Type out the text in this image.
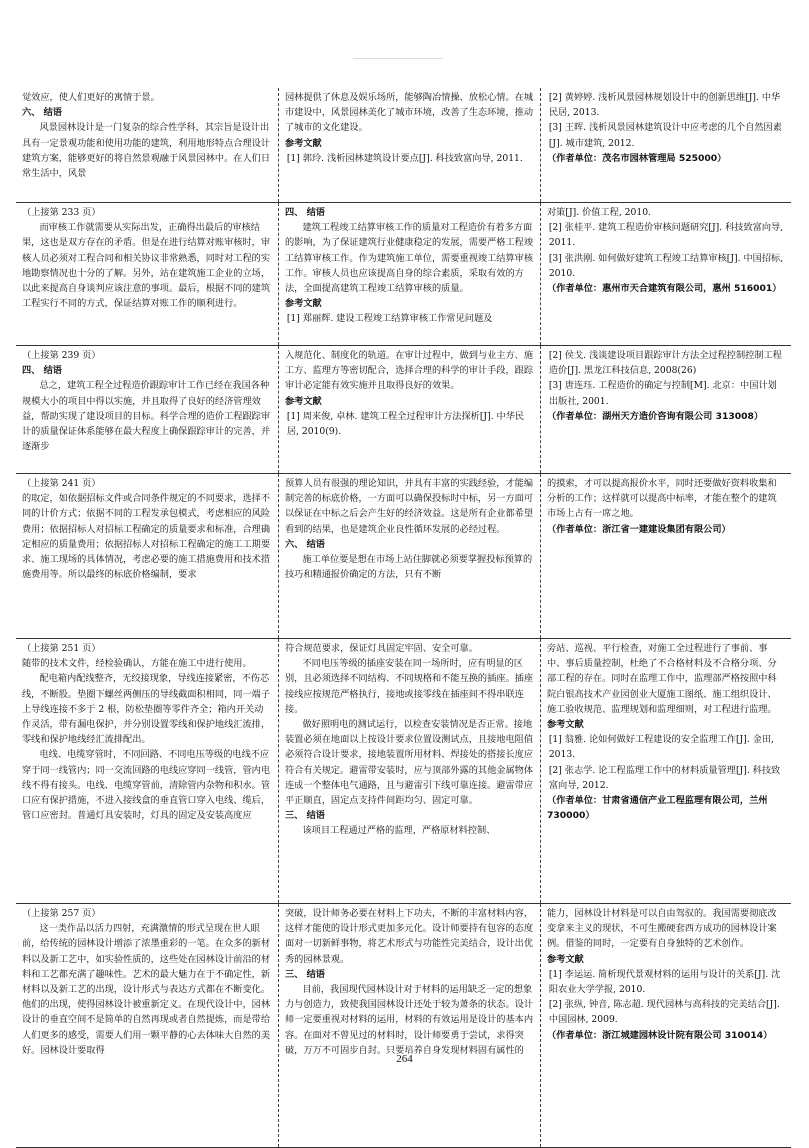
觉效应，使人们更好的寓情于景。
六、 结语
风景园林设计是一门复杂的综合性学科，其宗旨是设计出具有一定景观功能和使用功能的建筑，利用地形特点合理设计建筑方案，能够更好的将自然景观融于风景园林中。在人们日常生活中，风景
园林提供了休息及娱乐场所，能够陶冶情操、放松心情。在城市建设中，风景园林美化了城市环境，改善了生态环境，推动了城市的文化建设。
参考文献
[1] 郭玲. 浅析园林建筑设计要点[J]. 科技致富向导, 2011.
[2] 黄婷婷. 浅析风景园林规划设计中的创新思维[J]. 中华民居, 2013.
[3] 王晖. 浅析风景园林建筑设计中应考虑的几个自然因素[J]. 城市建筑, 2012.
（作者单位：茂名市园林管理局 525000）
（上接第 233 页）
而审核工作就需要从实际出发，正确得出最后的审核结果，这也是双方存在的矛盾。但是在进行结算对账审核时，审核人员必须对工程合同和相关协议非常熟悉，同时对工程的实地勘察情况也十分的了解。另外，站在建筑施工企业的立场，以此来提高自身谈判应该注意的事项。最后，根据不同的建筑工程实行不同的方式，保证结算对账工作的顺利进行。
四、 结语
建筑工程竣工结算审核工作的质量对工程造价有着多方面的影响，为了保证建筑行业健康稳定的发展，需要严格工程竣工结算审核工作。作为建筑施工单位，需要重视竣工结算审核工作。审核人员也应该提高自身的综合素质，采取有效的方法，全面提高建筑工程竣工结算审核的质量。
参考文献
[1] 郑丽辉. 建设工程竣工结算审核工作常见问题及
对策[J]. 价值工程, 2010.
[2] 张桂平. 建筑工程造价审核问题研究[J]. 科技致富向导, 2011.
[3] 张洪刚. 如何做好建筑工程竣工结算审核[J]. 中国招标, 2010.
（作者单位：惠州市天合建筑有限公司，惠州 516001）
（上接第 239 页）
四、 结语
总之，建筑工程全过程造价跟踪审计工作已经在我国各种规模大小的项目中得以实施，并且取得了良好的经济管理效益，帮助实现了建设项目的目标。科学合理的造价工程跟踪审计的质量保证体系能够在最大程度上确保跟踪审计的完善，并逐渐步
入规范化、制度化的轨道。在审计过程中，做到与业主方、施工方、监理方等密切配合，选择合理的科学的审计手段，跟踪审计必定能有效实施并且取得良好的效果。
参考文献
[1] 周来俊, 卓林. 建筑工程全过程审计方法探析[J]. 中华民居, 2010(9).
[2] 侯戈. 浅谈建设项目跟踪审计方法全过程控制控制工程造价[J]. 黑龙江科技信息, 2008(26)
[3] 唐连珏. 工程造价的确定与控制[M]. 北京：中国计划出版社, 2001.
（作者单位：湖州天方造价咨询有限公司 313008）
（上接第 241 页）
的取定，如依据招标文件或合同条件规定的不同要求，选择不同的计价方式；依据不同的工程发承包模式，考虑相应的风险费用；依据招标人对招标工程确定的质量要求和标准，合理确定相应的质量费用；依据招标人对招标工程确定的施工工期要求、施工现场的具体情况，考虑必要的施工措施费用和技术措施费用等。所以最终的标底价格编制，要求
预算人员有很强的理论知识，并具有丰富的实践经验，才能编制完善的标底价格，一方面可以确保投标时中标，另一方面可以保证在中标之后会产生好的经济效益。这是所有企业都希望看到的结果，也是建筑企业良性循环发展的必经过程。
六、 结语
施工单位要是想在市场上站住脚就必须要掌握投标预算的技巧和精通报价确定的方法，只有不断
的摸索，才可以提高报价水平，同时还要做好资料收集和分析的工作；这样就可以提高中标率，才能在整个的建筑市场上占有一席之地。
（作者单位：浙江省一建建设集团有限公司）
（上接第 251 页）
随带的技术文件，经检验确认，方能在施工中进行使用。
配电箱内配线整齐，无绞接现象，导线连接紧密，不伤芯线，不断股。垫圈下螺丝两侧压的导线截面积相同，同一端子上导线连接不多于 2 根，防松垫圈等零件齐全；箱内开关动作灵活，带有漏电保护，并分别设置零线和保护地线汇流排，零线和保护地线经汇流排配出。
电线、电缆穿管时，不同回路、不同电压等级的电线不应穿于同一线管内；同一交流回路的电线应穿同一线管，管内电线不得有接头。电线、电缆穿管前，清除管内杂物和积水。管口应有保护措施，不进入接线盒的垂直管口穿入电线、缆后，管口应密封。普通灯具安装时，灯具的固定及安装高度应
符合规范要求，保证灯具固定牢固、安全可靠。
不同电压等级的插座安装在同一场所时，应有明显的区别，且必须选择不同结构、不同规格和不能互换的插座。插座接线应按规范严格执行，接地或接零线在插座间不得串联连接。
做好照明电的测试运行，以检查安装情况是否正常。接地装置必须在地面以上按设计要求位置设测试点，且接地电阻值必须符合设计要求，接地装置所用材料、焊接处的搭接长度应符合有关规定。避雷带安装时，应与顶部外露的其他金属物体连成一个整体电气通路，且与避雷引下线可靠连接。避雷带应平正顺直，固定点支持件间距均匀、固定可靠。
三、 结语
该项目工程通过严格的监理，严格原材料控制、
旁站、巡视、平行检查，对施工全过程进行了事前、事中、事后质量控制，杜绝了不合格材料及不合格分项、分部工程的存在。同时在监理工作中，监理部严格按照中科院白银高技术产业园创业大厦施工图纸、施工组织设计、施工验收规范、监理规划和监理细则，对工程进行监理。
参考文献
[1] 翁雅. 论如何做好工程建设的安全监理工作[J]. 金田, 2013.
[2] 张志学. 论工程监理工作中的材料质量管理[J]. 科技致富向导, 2012.
（作者单位：甘肃省通信产业工程监理有限公司，兰州 730000）
（上接第 257 页）
这一类作品以活力四射，充满激情的形式呈现在世人眼前，给传统的园林设计增添了浓墨重彩的一笔。在众多的新材料以及新工艺中，如实验性质的，这些处在园林设计前沿的材料和工艺都充满了趣味性。艺术的最大魅力在于不确定性，新材料以及新工艺的出现，设计形式与表达方式都在不断变化。他们的出现，使得园林设计被重新定义。在现代设计中，园林设计的垂直空间不是简单的自然再现或者自然提炼，而是带给人们更多的感受，需要人们用一颗平静的心去体味大自然的美好。园林设计要取得
突破，设计师务必要在材料上下功夫，不断的丰富材料内容，这样才能使的设计形式更加多元化。设计师要持有包容的态度面对一切新鲜事物，将艺术形式与功能性完美结合，设计出优秀的园林景观。
三、 结语
目前，我国现代园林设计对于材料的运用缺乏一定的想象力与创造力，致使我国园林设计还处于较为萧条的状态。设计师一定要重视对材料的运用，材料的有效运用是设计的基本内容。在面对不曾见过的材料时，设计师要勇于尝试，求得突破，万万不可固步自封。只要培养自身发现材料固有属性的
能力，园林设计材料是可以自由驾驭的。我国需要彻底改变拿来主义的现状，不可生搬硬套西方成功的园林设计案例。借鉴的同时，一定要有自身独特的艺术创作。
参考文献
[1] 李运运. 简析现代景观材料的运用与设计的关系[J]. 沈阳农业大学学报, 2010.
[2] 张纵, 钟音, 陈志超. 现代园林与高科技的完美结合[J]. 中国园林, 2009.
（作者单位：浙江城建园林设计院有限公司 310014）
264
